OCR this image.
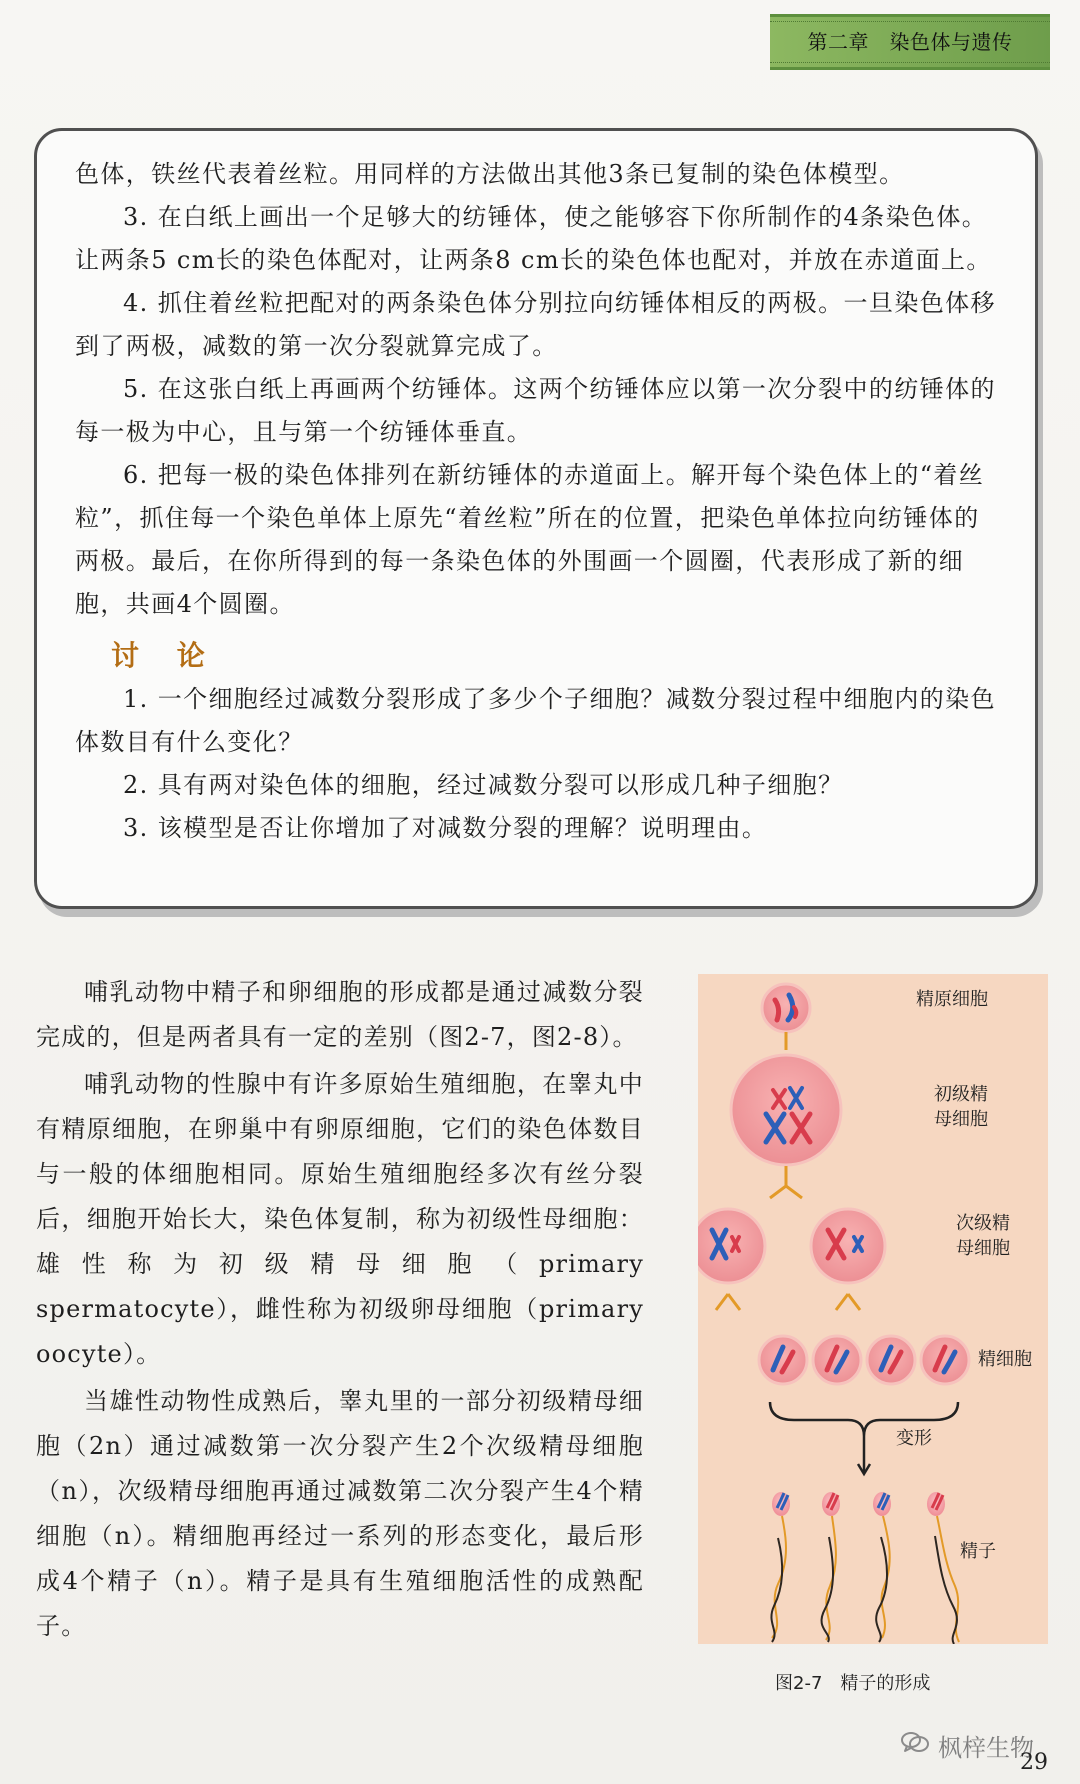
第二章　染色体与遗传

色体，铁丝代表着丝粒。用同样的方法做出其他3条已复制的染色体模型。

3. 在白纸上画出一个足够大的纺锤体，使之能够容下你所制作的4条染色体。让两条5 cm长的染色体配对，让两条8 cm长的染色体也配对，并放在赤道面上。

4. 抓住着丝粒把配对的两条染色体分别拉向纺锤体相反的两极。一旦染色体移到了两极，减数的第一次分裂就算完成了。

5. 在这张白纸上再画两个纺锤体。这两个纺锤体应以第一次分裂中的纺锤体的每一极为中心，且与第一个纺锤体垂直。

6. 把每一极的染色体排列在新纺锤体的赤道面上。解开每个染色体上的“着丝粒”，抓住每一个染色单体上原先“着丝粒”所在的位置，把染色单体拉向纺锤体的两极。最后，在你所得到的每一条染色体的外围画一个圆圈，代表形成了新的细胞，共画4个圆圈。

讨 论

1. 一个细胞经过减数分裂形成了多少个子细胞？减数分裂过程中细胞内的染色体数目有什么变化？

2. 具有两对染色体的细胞，经过减数分裂可以形成几种子细胞？

3. 该模型是否让你增加了对减数分裂的理解？说明理由。

哺乳动物中精子和卵细胞的形成都是通过减数分裂完成的，但是两者具有一定的差别（图2-7，图2-8）。

哺乳动物的性腺中有许多原始生殖细胞，在睾丸中有精原细胞，在卵巢中有卵原细胞，它们的染色体数目与一般的体细胞相同。原始生殖细胞经多次有丝分裂后，细胞开始长大，染色体复制，称为初级性母细胞：雄性称为初级精母细胞（primary spermatocyte），雌性称为初级卵母细胞（primary oocyte）。

当雄性动物性成熟后，睾丸里的一部分初级精母细胞（2n）通过减数第一次分裂产生2个次级精母细胞（n），次级精母细胞再通过减数第二次分裂产生4个精细胞（n）。精细胞再经过一系列的形态变化，最后形成4个精子（n）。精子是具有生殖细胞活性的成熟配子。

精原细胞
初级精
母细胞
次级精
母细胞
精细胞
变形
精子
图2-7　精子的形成
枫梓生物
29
